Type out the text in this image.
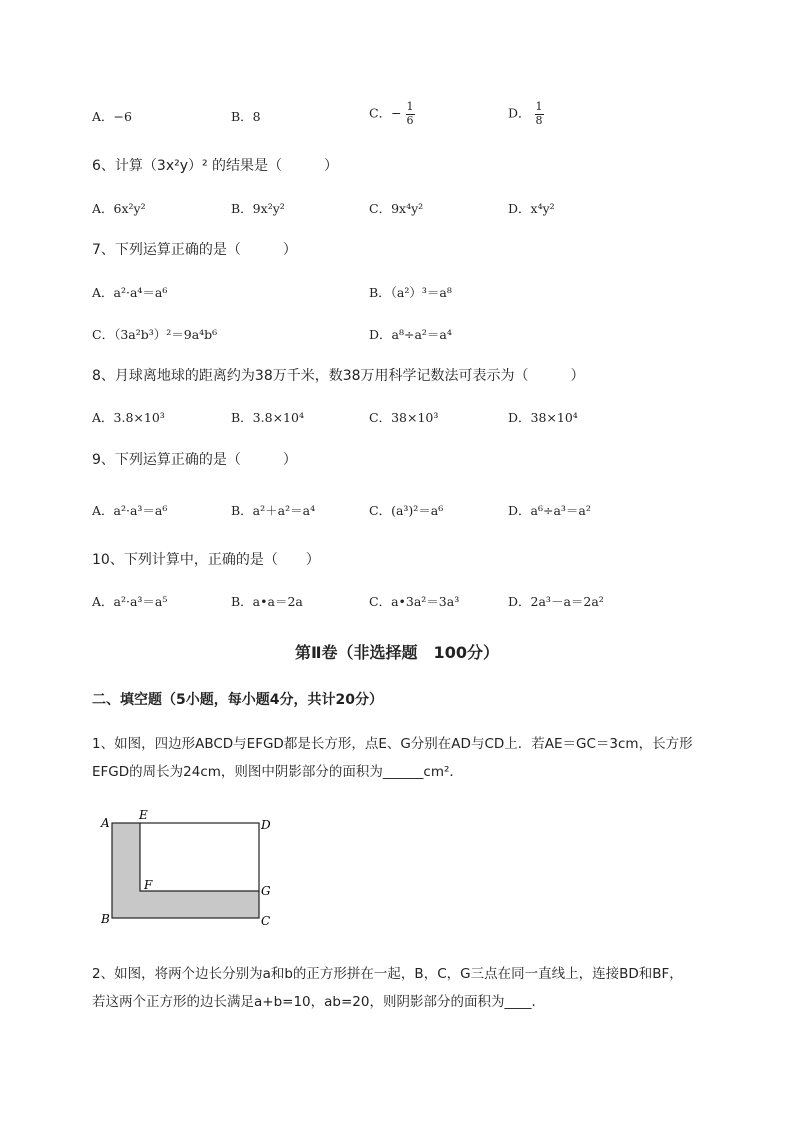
A．−6	B．8	C．− $\frac{1}{6}$	D． $\frac{1}{8}$
6、计算（3x²y）² 的结果是（　　　）
A．6x²y²	B．9x²y²	C．9x⁴y²	D．x⁴y²
7、下列运算正确的是（　　　）
A．a²·a⁴＝a⁶	B．（a²）³＝a⁸
C．（3a²b³）²＝9a⁴b⁶	D．a⁸÷a²＝a⁴
8、月球离地球的距离约为38万千米，数38万用科学记数法可表示为（　　　）
A．3.8×10³	B．3.8×10⁴	C．38×10³	D．38×10⁴
9、下列运算正确的是（　　　）
A．a²·a³＝a⁶	B．a²＋a²＝a⁴	C．(a³)²＝a⁶	D．a⁶÷a³＝a²
10、下列计算中，正确的是（　　）
A．a²·a³＝a⁵	B．a•a＝2a	C．a•3a²＝3a³	D．2a³－a＝2a²
第Ⅱ卷（非选择题　100分）
二、填空题（5小题，每小题4分，共计20分）
1、如图，四边形ABCD与EFGD都是长方形，点E、G分别在AD与CD上．若AE＝GC＝3cm，长方形
EFGD的周长为24cm，则图中阴影部分的面积为______cm²．
A
E
D
F	G
B	C
2、如图，将两个边长分别为a和b的正方形拼在一起，B，C，G三点在同一直线上，连接BD和BF，
若这两个正方形的边长满足a+b=10，ab=20，则阴影部分的面积为____．
